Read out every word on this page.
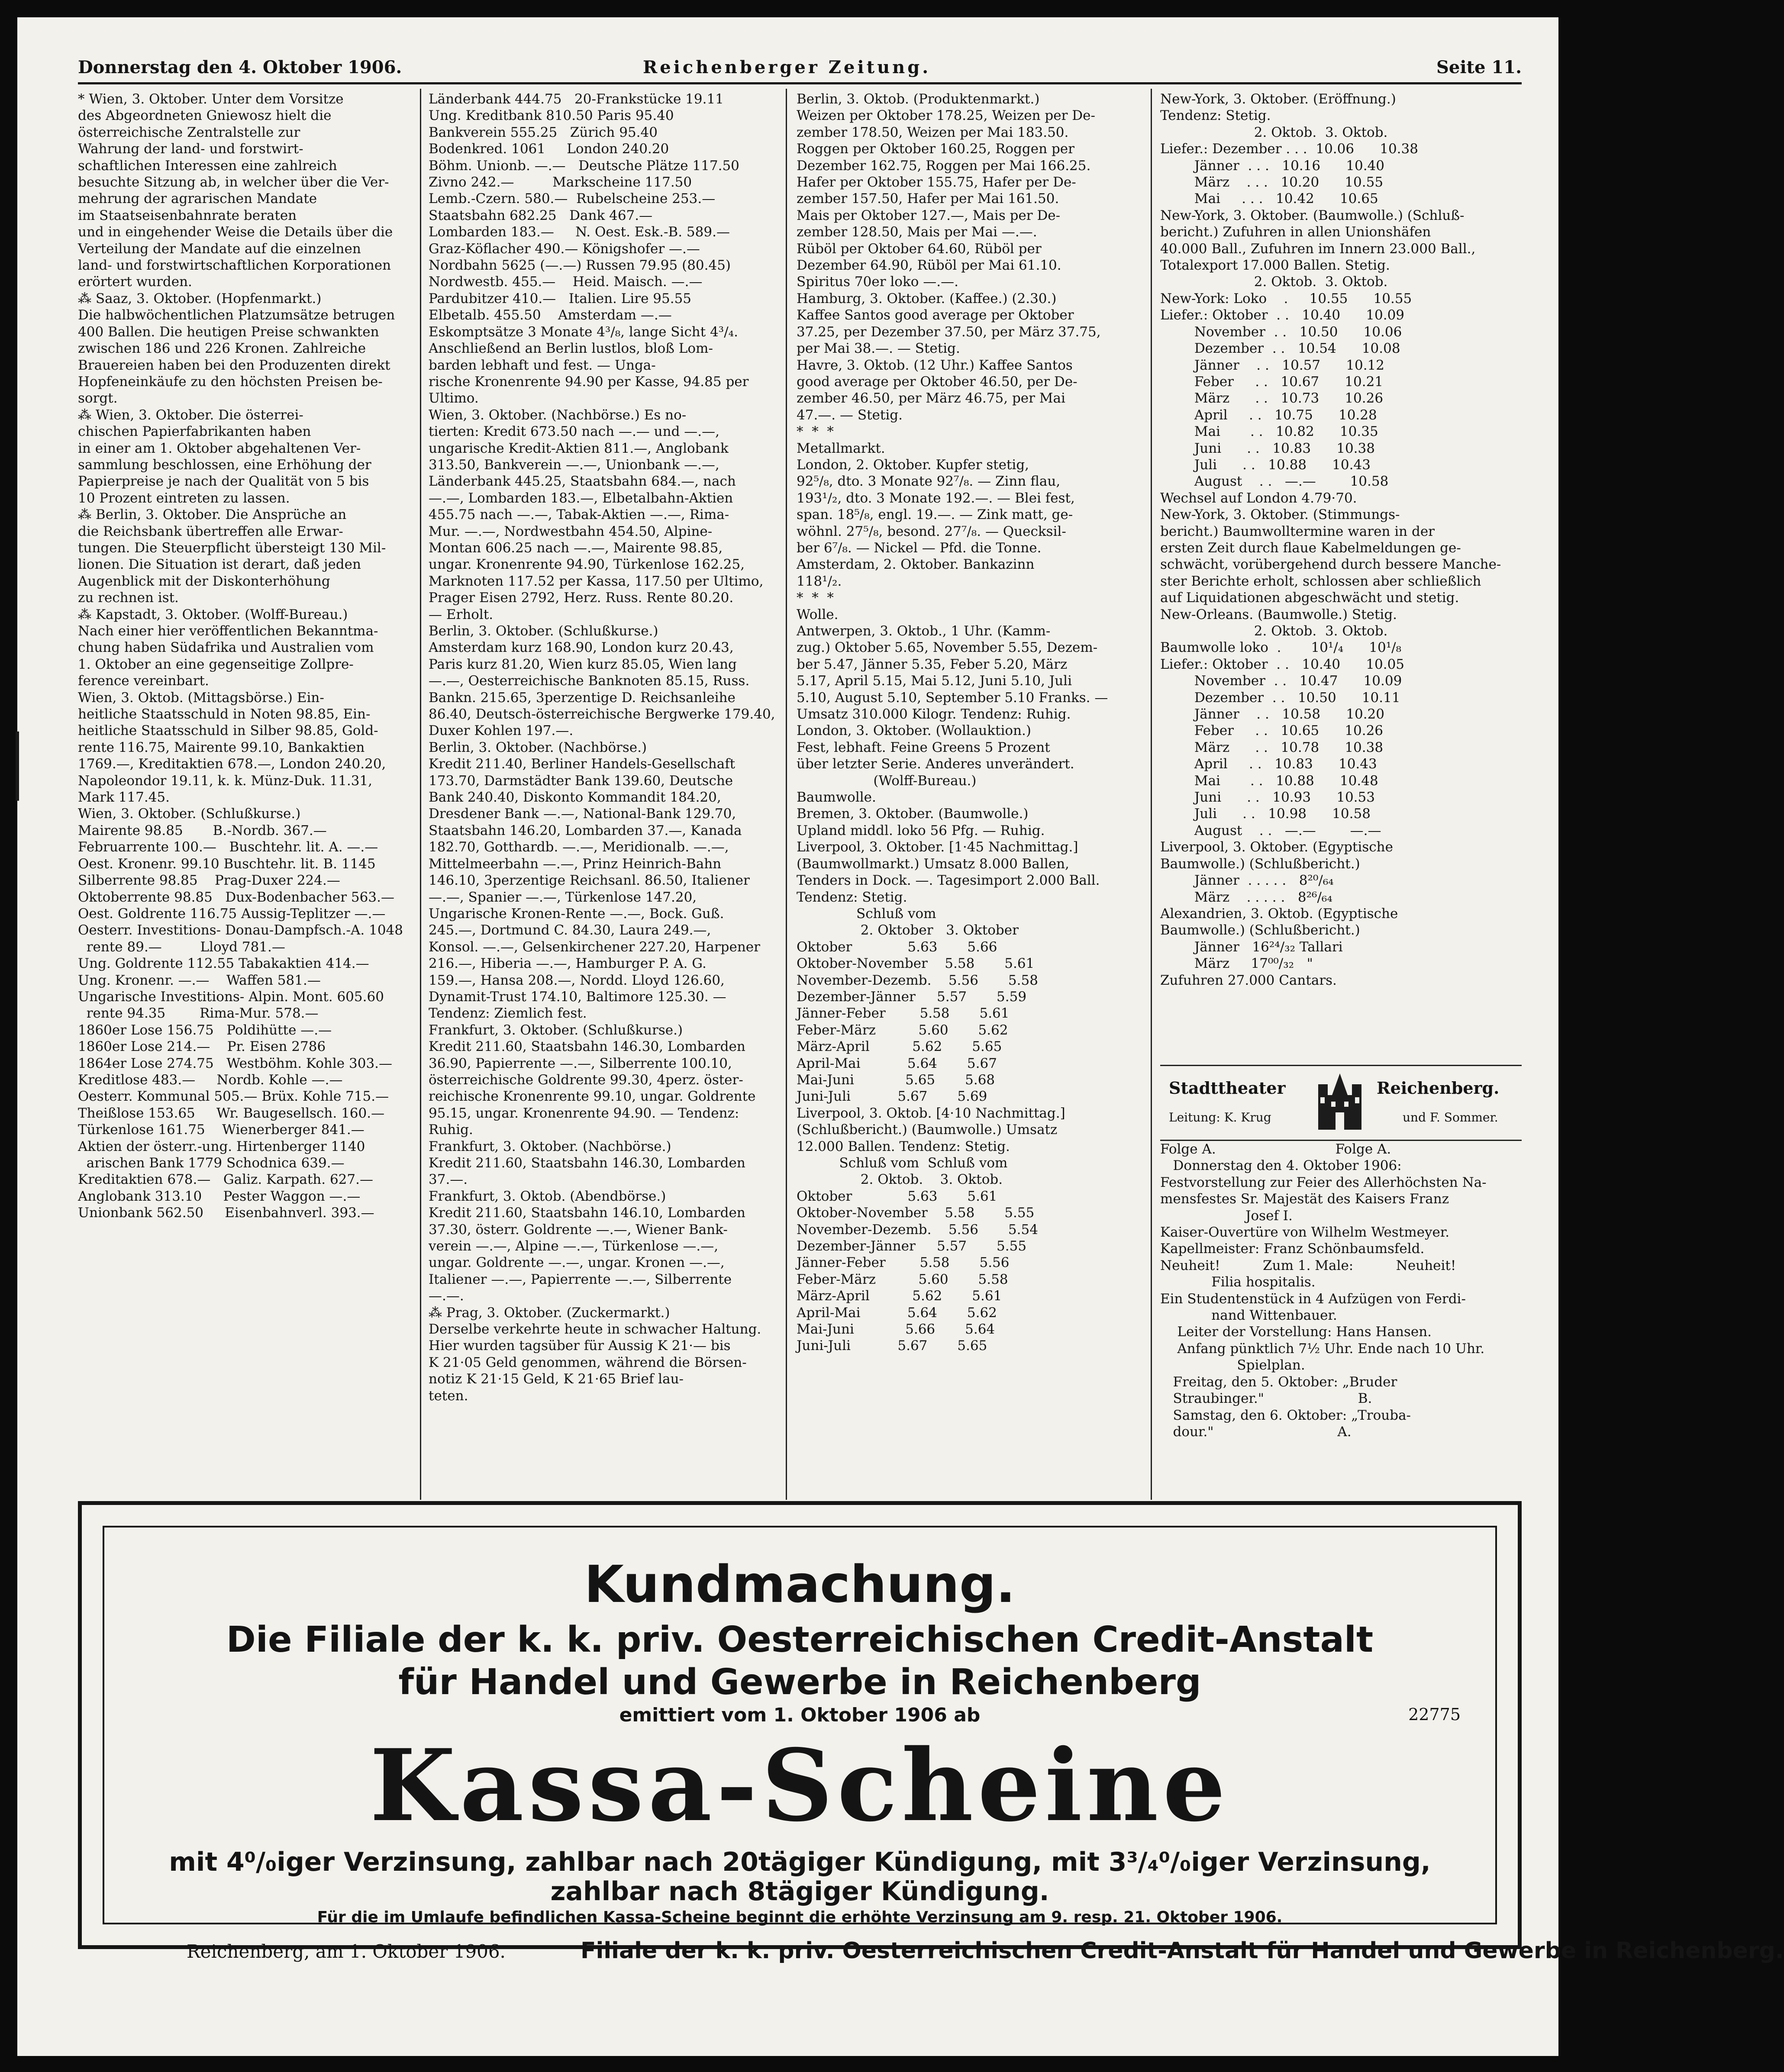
Donnerstag den 4. Oktober 1906.	Reichenberger Zeitung.	Seite 11.

* Wien, 3. Oktober. Unter dem Vorsitze

des Abgeordneten Gniewosz hielt die

österreichische Zentralstelle zur

Wahrung der land- und forstwirt-

schaftlichen Interessen eine zahlreich

besuchte Sitzung ab, in welcher über die Ver-

mehrung der agrarischen Mandate

im Staatseisenbahnrate beraten

und in eingehender Weise die Details über die

Verteilung der Mandate auf die einzelnen

land- und forstwirtschaftlichen Korporationen

erörtert wurden.

⁂ Saaz, 3. Oktober. (Hopfenmarkt.)

Die halbwöchentlichen Platzumsätze betrugen

400 Ballen. Die heutigen Preise schwankten

zwischen 186 und 226 Kronen. Zahlreiche

Brauereien haben bei den Produzenten direkt

Hopfeneinkäufe zu den höchsten Preisen be-

sorgt.

⁂ Wien, 3. Oktober. Die österrei-

chischen Papierfabrikanten haben

in einer am 1. Oktober abgehaltenen Ver-

sammlung beschlossen, eine Erhöhung der

Papierpreise je nach der Qualität von 5 bis

10 Prozent eintreten zu lassen.

⁂ Berlin, 3. Oktober. Die Ansprüche an

die Reichsbank übertreffen alle Erwar-

tungen. Die Steuerpflicht übersteigt 130 Mil-

lionen. Die Situation ist derart, daß jeden

Augenblick mit der Diskonterhöhung

zu rechnen ist.

⁂ Kapstadt, 3. Oktober. (Wolff-Bureau.)

Nach einer hier veröffentlichen Bekanntma-

chung haben Südafrika und Australien vom

1. Oktober an eine gegenseitige Zollpre-

ference vereinbart.

Wien, 3. Oktob. (Mittagsbörse.) Ein-

heitliche Staatsschuld in Noten 98.85, Ein-

heitliche Staatsschuld in Silber 98.85, Gold-

rente 116.75, Mairente 99.10, Bankaktien

1769.—, Kreditaktien 678.—, London 240.20,

Napoleondor 19.11, k. k. Münz-Duk. 11.31,

Mark 117.45.

Wien, 3. Oktober. (Schlußkurse.)

Mairente 98.85       B.-Nordb. 367.—

Februarrente 100.—   Buschtehr. lit. A. —.—

Oest. Kronenr. 99.10 Buschtehr. lit. B. 1145

Silberrente 98.85    Prag-Duxer 224.—

Oktoberrente 98.85   Dux-Bodenbacher 563.—

Oest. Goldrente 116.75 Aussig-Teplitzer —.—

Oesterr. Investitions- Donau-Dampfsch.-A. 1048

rente 89.—         Lloyd 781.—

Ung. Goldrente 112.55 Tabakaktien 414.—

Ung. Kronenr. —.—    Waffen 581.—

Ungarische Investitions- Alpin. Mont. 605.60

rente 94.35        Rima-Mur. 578.—

1860er Lose 156.75   Poldihütte —.—

1860er Lose 214.—    Pr. Eisen 2786

1864er Lose 274.75   Westböhm. Kohle 303.—

Kreditlose 483.—     Nordb. Kohle —.—

Oesterr. Kommunal 505.— Brüx. Kohle 715.—

Theißlose 153.65     Wr. Baugesellsch. 160.—

Türkenlose 161.75    Wienerberger 841.—

Aktien der österr.-ung. Hirtenberger 1140

arischen Bank 1779 Schodnica 639.—

Kreditaktien 678.—   Galiz. Karpath. 627.—

Anglobank 313.10     Pester Waggon —.—

Unionbank 562.50     Eisenbahnverl. 393.—

Länderbank 444.75   20-Frankstücke 19.11

Ung. Kreditbank 810.50 Paris 95.40

Bankverein 555.25   Zürich 95.40

Bodenkred. 1061     London 240.20

Böhm. Unionb. —.—   Deutsche Plätze 117.50

Zivno 242.—         Markscheine 117.50

Lemb.-Czern. 580.—  Rubelscheine 253.—

Staatsbahn 682.25   Dank 467.—

Lombarden 183.—     N. Oest. Esk.-B. 589.—

Graz-Köflacher 490.— Königshofer —.—

Nordbahn 5625 (—.—) Russen 79.95 (80.45)

Nordwestb. 455.—    Heid. Maisch. —.—

Pardubitzer 410.—   Italien. Lire 95.55

Elbetalb. 455.50    Amsterdam —.—

Eskomptsätze 3 Monate 4³/₈, lange Sicht 4³/₄.

Anschließend an Berlin lustlos, bloß Lom-

barden lebhaft und fest. — Unga-

rische Kronenrente 94.90 per Kasse, 94.85 per

Ultimo.

Wien, 3. Oktober. (Nachbörse.) Es no-

tierten: Kredit 673.50 nach —.— und —.—,

ungarische Kredit-Aktien 811.—, Anglobank

313.50, Bankverein —.—, Unionbank —.—,

Länderbank 445.25, Staatsbahn 684.—, nach

—.—, Lombarden 183.—, Elbetalbahn-Aktien

455.75 nach —.—, Tabak-Aktien —.—, Rima-

Mur. —.—, Nordwestbahn 454.50, Alpine-

Montan 606.25 nach —.—, Mairente 98.85,

ungar. Kronenrente 94.90, Türkenlose 162.25,

Marknoten 117.52 per Kassa, 117.50 per Ultimo,

Prager Eisen 2792, Herz. Russ. Rente 80.20.

— Erholt.

Berlin, 3. Oktober. (Schlußkurse.)

Amsterdam kurz 168.90, London kurz 20.43,

Paris kurz 81.20, Wien kurz 85.05, Wien lang

—.—, Oesterreichische Banknoten 85.15, Russ.

Bankn. 215.65, 3perzentige D. Reichsanleihe

86.40, Deutsch-österreichische Bergwerke 179.40,

Duxer Kohlen 197.—.

Berlin, 3. Oktober. (Nachbörse.)

Kredit 211.40, Berliner Handels-Gesellschaft

173.70, Darmstädter Bank 139.60, Deutsche

Bank 240.40, Diskonto Kommandit 184.20,

Dresdener Bank —.—, National-Bank 129.70,

Staatsbahn 146.20, Lombarden 37.—, Kanada

182.70, Gotthardb. —.—, Meridionalb. —.—,

Mittelmeerbahn —.—, Prinz Heinrich-Bahn

146.10, 3perzentige Reichsanl. 86.50, Italiener

—.—, Spanier —.—, Türkenlose 147.20,

Ungarische Kronen-Rente —.—, Bock. Guß.

245.—, Dortmund C. 84.30, Laura 249.—,

Konsol. —.—, Gelsenkirchener 227.20, Harpener

216.—, Hiberia —.—, Hamburger P. A. G.

159.—, Hansa 208.—, Nordd. Lloyd 126.60,

Dynamit-Trust 174.10, Baltimore 125.30. —

Tendenz: Ziemlich fest.

Frankfurt, 3. Oktober. (Schlußkurse.)

Kredit 211.60, Staatsbahn 146.30, Lombarden

36.90, Papierrente —.—, Silberrente 100.10,

österreichische Goldrente 99.30, 4perz. öster-

reichische Kronenrente 99.10, ungar. Goldrente

95.15, ungar. Kronenrente 94.90. — Tendenz:

Ruhig.

Frankfurt, 3. Oktober. (Nachbörse.)

Kredit 211.60, Staatsbahn 146.30, Lombarden

37.—.

Frankfurt, 3. Oktob. (Abendbörse.)

Kredit 211.60, Staatsbahn 146.10, Lombarden

37.30, österr. Goldrente —.—, Wiener Bank-

verein —.—, Alpine —.—, Türkenlose —.—,

ungar. Goldrente —.—, ungar. Kronen —.—,

Italiener —.—, Papierrente —.—, Silberrente

—.—.

⁂ Prag, 3. Oktober. (Zuckermarkt.)

Derselbe verkehrte heute in schwacher Haltung.

Hier wurden tagsüber für Aussig K 21·— bis

K 21·05 Geld genommen, während die Börsen-

notiz K 21·15 Geld, K 21·65 Brief lau-

teten.

Berlin, 3. Oktob. (Produktenmarkt.)

Weizen per Oktober 178.25, Weizen per De-

zember 178.50, Weizen per Mai 183.50.

Roggen per Oktober 160.25, Roggen per

Dezember 162.75, Roggen per Mai 166.25.

Hafer per Oktober 155.75, Hafer per De-

zember 157.50, Hafer per Mai 161.50.

Mais per Oktober 127.—, Mais per De-

zember 128.50, Mais per Mai —.—.

Rüböl per Oktober 64.60, Rüböl per

Dezember 64.90, Rüböl per Mai 61.10.

Spiritus 70er loko —.—.

Hamburg, 3. Oktober. (Kaffee.) (2.30.)

Kaffee Santos good average per Oktober

37.25, per Dezember 37.50, per März 37.75,

per Mai 38.—. — Stetig.

Havre, 3. Oktob. (12 Uhr.) Kaffee Santos

good average per Oktober 46.50, per De-

zember 46.50, per März 46.75, per Mai

47.—. — Stetig.

*  *  *

Metallmarkt.

London, 2. Oktober. Kupfer stetig,

92⁵/₈, dto. 3 Monate 92⁷/₈. — Zinn flau,

193¹/₂, dto. 3 Monate 192.—. — Blei fest,

span. 18⁵/₈, engl. 19.—. — Zink matt, ge-

wöhnl. 27⁵/₈, besond. 27⁷/₈. — Quecksil-

ber 6⁷/₈. — Nickel — Pfd. die Tonne.

Amsterdam, 2. Oktober. Bankazinn

118¹/₂.

*  *  *

Wolle.

Antwerpen, 3. Oktob., 1 Uhr. (Kamm-

zug.) Oktober 5.65, November 5.55, Dezem-

ber 5.47, Jänner 5.35, Feber 5.20, März

5.17, April 5.15, Mai 5.12, Juni 5.10, Juli

5.10, August 5.10, September 5.10 Franks. —

Umsatz 310.000 Kilogr. Tendenz: Ruhig.

London, 3. Oktober. (Wollauktion.)

Fest, lebhaft. Feine Greens 5 Prozent

über letzter Serie. Anderes unverändert.

(Wolff-Bureau.)

Baumwolle.

Bremen, 3. Oktober. (Baumwolle.)

Upland middl. loko 56 Pfg. — Ruhig.

Liverpool, 3. Oktober. [1·45 Nachmittag.]

(Baumwollmarkt.) Umsatz 8.000 Ballen,

Tenders in Dock. —. Tagesimport 2.000 Ball.

Tendenz: Stetig.

Schluß vom

2. Oktober   3. Oktober

Oktober             5.63       5.66

Oktober-November    5.58       5.61

November-Dezemb.    5.56       5.58

Dezember-Jänner     5.57       5.59

Jänner-Feber        5.58       5.61

Feber-März          5.60       5.62

März-April          5.62       5.65

April-Mai           5.64       5.67

Mai-Juni            5.65       5.68

Juni-Juli           5.67       5.69

Liverpool, 3. Oktob. [4·10 Nachmittag.]

(Schlußbericht.) (Baumwolle.) Umsatz

12.000 Ballen. Tendenz: Stetig.

Schluß vom  Schluß vom

2. Oktob.    3. Oktob.

Oktober             5.63       5.61

Oktober-November    5.58       5.55

November-Dezemb.    5.56       5.54

Dezember-Jänner     5.57       5.55

Jänner-Feber        5.58       5.56

Feber-März          5.60       5.58

März-April          5.62       5.61

April-Mai           5.64       5.62

Mai-Juni            5.66       5.64

Juni-Juli           5.67       5.65

New-York, 3. Oktober. (Eröffnung.)

Tendenz: Stetig.

2. Oktob.  3. Oktob.

Liefer.: Dezember . . .  10.06      10.38

Jänner  . . .   10.16      10.40

März    . . .   10.20      10.55

Mai     . . .   10.42      10.65

New-York, 3. Oktober. (Baumwolle.) (Schluß-

bericht.) Zufuhren in allen Unionshäfen

40.000 Ball., Zufuhren im Innern 23.000 Ball.,

Totalexport 17.000 Ballen. Stetig.

2. Oktob.  3. Oktob.

New-York: Loko    .     10.55      10.55

Liefer.: Oktober  . .   10.40      10.09

November  . .   10.50      10.06

Dezember  . .   10.54      10.08

Jänner    . .   10.57      10.12

Feber     . .   10.67      10.21

März      . .   10.73      10.26

April     . .   10.75      10.28

Mai       . .   10.82      10.35

Juni      . .   10.83      10.38

Juli      . .   10.88      10.43

August    . .   —.—        10.58

Wechsel auf London 4.79·70.

New-York, 3. Oktober. (Stimmungs-

bericht.) Baumwolltermine waren in der

ersten Zeit durch flaue Kabelmeldungen ge-

schwächt, vorübergehend durch bessere Manche-

ster Berichte erholt, schlossen aber schließlich

auf Liquidationen abgeschwächt und stetig.

New-Orleans. (Baumwolle.) Stetig.

2. Oktob.  3. Oktob.

Baumwolle loko  .       10¹/₄      10¹/₈

Liefer.: Oktober  . .   10.40      10.05

November  . .   10.47      10.09

Dezember  . .   10.50      10.11

Jänner    . .   10.58      10.20

Feber     . .   10.65      10.26

März      . .   10.78      10.38

April     . .   10.83      10.43

Mai       . .   10.88      10.48

Juni      . .   10.93      10.53

Juli      . .   10.98      10.58

August    . .   —.—        —.—

Liverpool, 3. Oktober. (Egyptische

Baumwolle.) (Schlußbericht.)

Jänner  . . . . .   8²⁰/₆₄

März    . . . . .   8²⁶/₆₄

Alexandrien, 3. Oktob. (Egyptische

Baumwolle.) (Schlußbericht.)

Jänner   16²⁴/₃₂ Tallari

März     17⁰⁰/₃₂   "

Zufuhren 27.000 Cantars.

Stadttheater
Leitung: K. Krug
Reichenberg.
und F. Sommer.

Folge A.                            Folge A.

Donnerstag den 4. Oktober 1906:

Festvorstellung zur Feier des Allerhöchsten Na-

mensfestes Sr. Majestät des Kaisers Franz

Josef I.

Kaiser-Ouvertüre von Wilhelm Westmeyer.

Kapellmeister: Franz Schönbaumsfeld.

Neuheit!          Zum 1. Male:          Neuheit!

Filia hospitalis.

Ein Studentenstück in 4 Aufzügen von Ferdi-

nand Wittenbauer.

Leiter der Vorstellung: Hans Hansen.

Anfang pünktlich 7½ Uhr. Ende nach 10 Uhr.

Spielplan.

Freitag, den 5. Oktober: „Bruder

Straubinger."                      B.

Samstag, den 6. Oktober: „Trouba-

dour."                             A.

Kundmachung.
Die Filiale der k. k. priv. Oesterreichischen Credit-Anstalt
für Handel und Gewerbe in Reichenberg
emittiert vom 1. Oktober 1906 ab	22775
Kassa-Scheine
mit 4⁰/₀iger Verzinsung, zahlbar nach 20tägiger Kündigung, mit 3³/₄⁰/₀iger Verzinsung,
zahlbar nach 8tägiger Kündigung.
Für die im Umlaufe befindlichen Kassa-Scheine beginnt die erhöhte Verzinsung am 9. resp. 21. Oktober 1906.
Reichenberg, am 1. Oktober 1906.	Filiale der k. k. priv. Oesterreichischen Credit-Anstalt für Handel und Gewerbe in Reichenberg.
